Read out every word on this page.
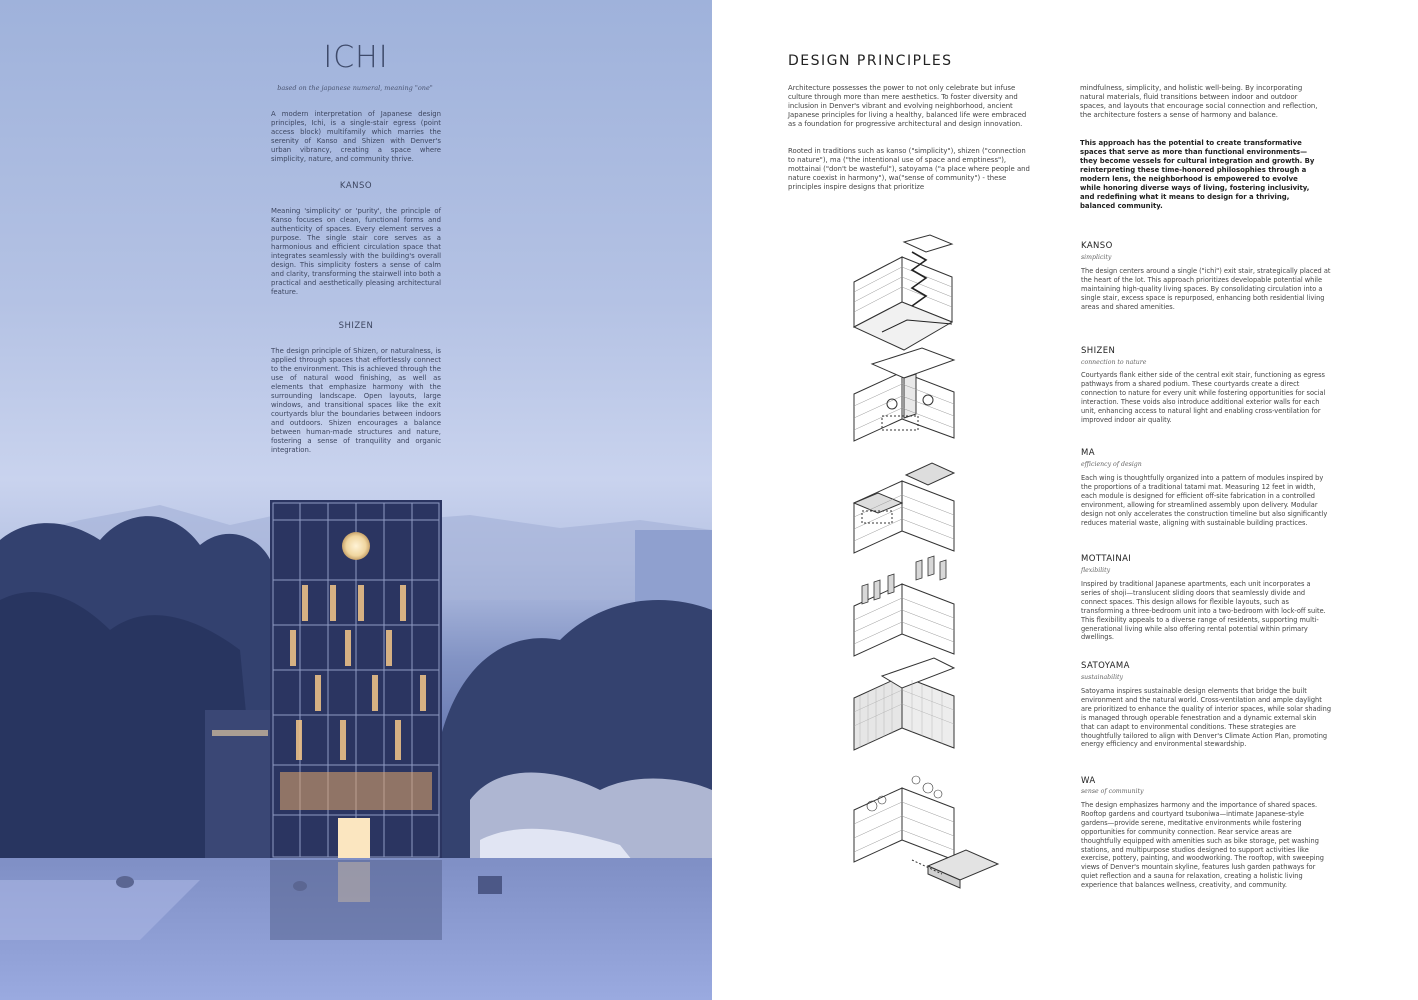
ICHI
based on the japanese numeral, meaning "one"
A modern interpretation of Japanese design principles, Ichi, is a single-stair egress (point access block) multifamily which marries the serenity of Kanso and Shizen with Denver's urban vibrancy, creating a space where simplicity, nature, and community thrive.
KANSO
Meaning 'simplicity' or 'purity', the principle of Kanso focuses on clean, functional forms and authenticity of spaces. Every element serves a purpose. The single stair core serves as a harmonious and efficient circulation space that integrates seamlessly with the building's overall design. This simplicity fosters a sense of calm and clarity, transforming the stairwell into both a practical and aesthetically pleasing architectural feature.
SHIZEN
The design principle of Shizen, or naturalness, is applied through spaces that effortlessly connect to the environment. This is achieved through the use of natural wood finishing, as well as elements that emphasize harmony with the surrounding landscape. Open layouts, large windows, and transitional spaces like the exit courtyards blur the boundaries between indoors and outdoors. Shizen encourages a balance between human-made structures and nature, fostering a sense of tranquility and organic integration.
DESIGN PRINCIPLES
Architecture possesses the power to not only celebrate but infuse culture through more than mere aesthetics. To foster diversity and inclusion in Denver's vibrant and evolving neighborhood, ancient Japanese principles for living a healthy, balanced life were embraced as a foundation for progressive architectural and design innovation.
Rooted in traditions such as kanso ("simplicity"), shizen ("connection to nature"), ma ("the intentional use of space and emptiness"), mottainai ("don't be wasteful"), satoyama ("a place where people and nature coexist in harmony"), wa("sense of community") - these principles inspire designs that prioritize
mindfulness, simplicity, and holistic well-being. By incorporating natural materials, fluid transitions between indoor and outdoor spaces, and layouts that encourage social connection and reflection, the architecture fosters a sense of harmony and balance.
This approach has the potential to create transformative spaces that serve as more than functional environments—they become vessels for cultural integration and growth. By reinterpreting these time-honored philosophies through a modern lens, the neighborhood is empowered to evolve while honoring diverse ways of living, fostering inclusivity, and redefining what it means to design for a thriving, balanced community.
KANSO
simplicity
The design centers around a single ("ichi") exit stair, strategically placed at the heart of the lot. This approach prioritizes developable potential while maintaining high-quality living spaces. By consolidating circulation into a single stair, excess space is repurposed, enhancing both residential living areas and shared amenities.
SHIZEN
connection to nature
Courtyards flank either side of the central exit stair, functioning as egress pathways from a shared podium. These courtyards create a direct connection to nature for every unit while fostering opportunities for social interaction. These voids also introduce additional exterior walls for each unit, enhancing access to natural light and enabling cross-ventilation for improved indoor air quality.
MA
efficiency of design
Each wing is thoughtfully organized into a pattern of modules inspired by the proportions of a traditional tatami mat. Measuring 12 feet in width, each module is designed for efficient off-site fabrication in a controlled environment, allowing for streamlined assembly upon delivery. Modular design not only accelerates the construction timeline but also significantly reduces material waste, aligning with sustainable building practices.
MOTTAINAI
flexibility
Inspired by traditional Japanese apartments, each unit incorporates a series of shoji—translucent sliding doors that seamlessly divide and connect spaces. This design allows for flexible layouts, such as transforming a three-bedroom unit into a two-bedroom with lock-off suite. This flexibility appeals to a diverse range of residents, supporting multi-generational living while also offering rental potential within primary dwellings.
SATOYAMA
sustainability
Satoyama inspires sustainable design elements that bridge the built environment and the natural world. Cross-ventilation and ample daylight are prioritized to enhance the quality of interior spaces, while solar shading is managed through operable fenestration and a dynamic external skin that can adapt to environmental conditions. These strategies are thoughtfully tailored to align with Denver's Climate Action Plan, promoting energy efficiency and environmental stewardship.
WA
sense of community
The design emphasizes harmony and the importance of shared spaces. Rooftop gardens and courtyard tsuboniwa—intimate Japanese-style gardens—provide serene, meditative environments while fostering opportunities for community connection. Rear service areas are thoughtfully equipped with amenities such as bike storage, pet washing stations, and multipurpose studios designed to support activities like exercise, pottery, painting, and woodworking. The rooftop, with sweeping views of Denver's mountain skyline, features lush garden pathways for quiet reflection and a sauna for relaxation, creating a holistic living experience that balances wellness, creativity, and community.
